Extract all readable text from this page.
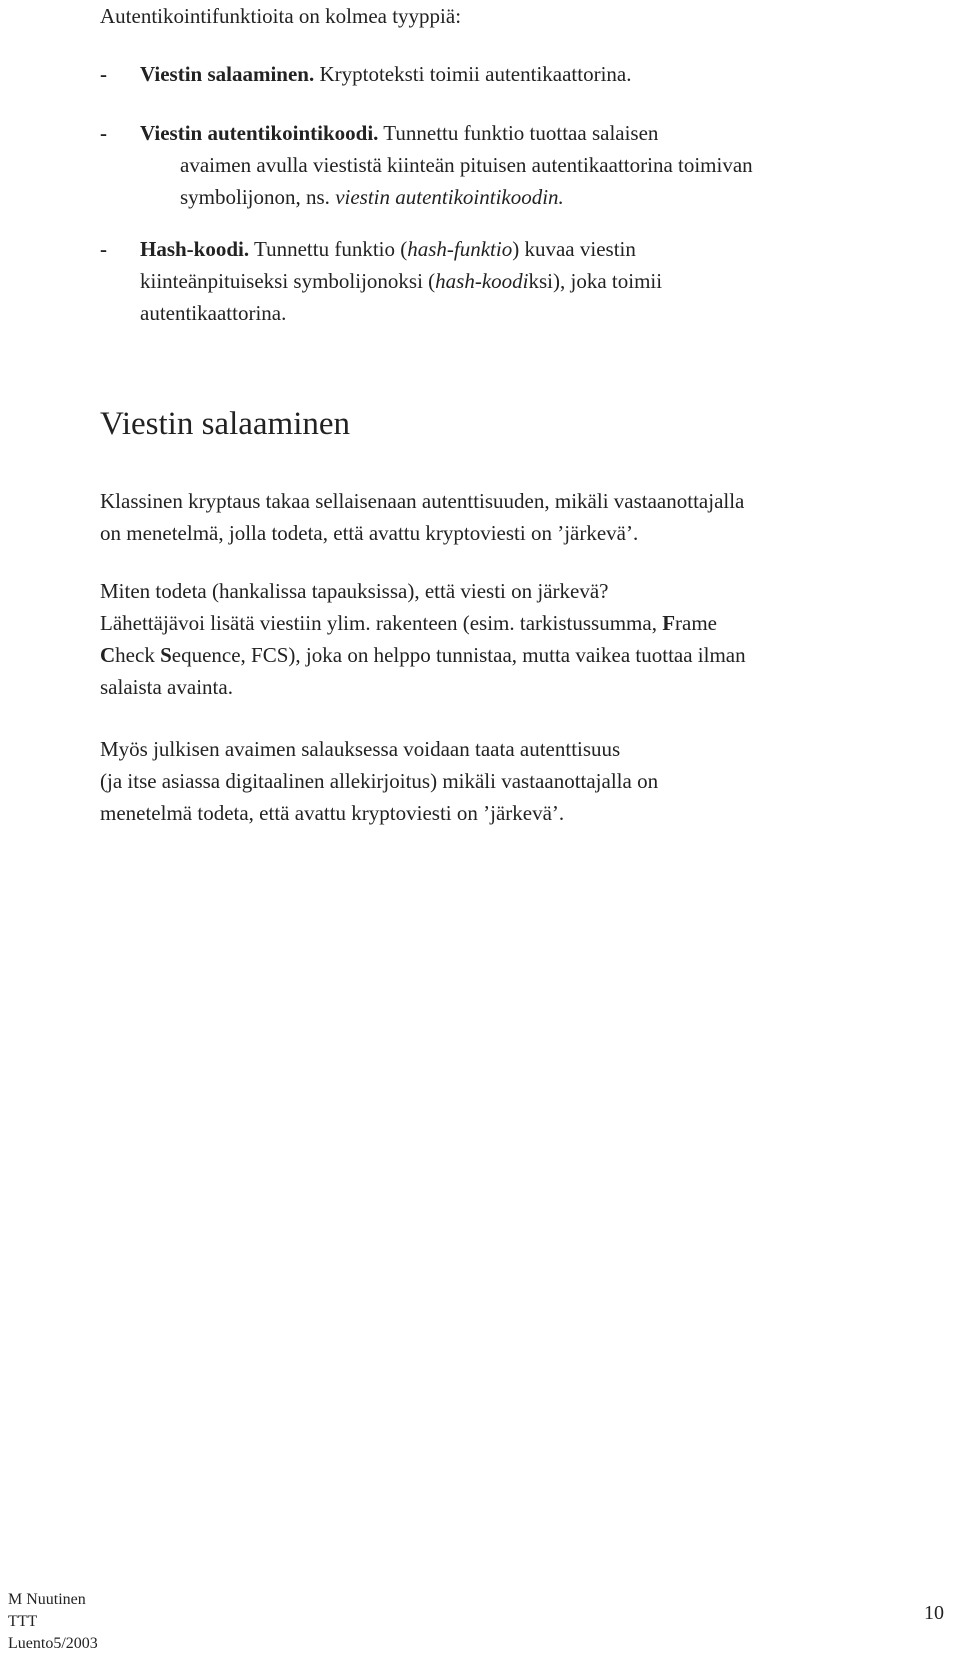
Autentikointifunktioita on kolmea tyyppiä:
- Viestin salaaminen. Kryptoteksti toimii autentikaattorina.
- Viestin autentikointikoodi. Tunnettu funktio tuottaa salaisen
avaimen avulla viestistä kiinteän pituisen autentikaattorina toimivan
symbolijonon, ns. viestin autentikointikoodin.
- Hash-koodi. Tunnettu funktio (hash-funktio) kuvaa viestin
kiinteänpituiseksi symbolijonoksi (hash-koodiksi), joka toimii
autentikaattorina.
Viestin salaaminen
Klassinen kryptaus takaa sellaisenaan autenttisuuden, mikäli vastaanottajalla
on menetelmä, jolla todeta, että avattu kryptoviesti on ’järkevä’.
Miten todeta (hankalissa tapauksissa), että viesti on järkevä?
Lähettäjävoi lisätä viestiin ylim. rakenteen (esim. tarkistussumma, Frame
Check Sequence, FCS), joka on helppo tunnistaa, mutta vaikea tuottaa ilman
salaista avainta.
Myös julkisen avaimen salauksessa voidaan taata autenttisuus
(ja itse asiassa digitaalinen allekirjoitus) mikäli vastaanottajalla on
menetelmä todeta, että avattu kryptoviesti on ’järkevä’.
M Nuutinen
TTT
Luento5/2003
10
